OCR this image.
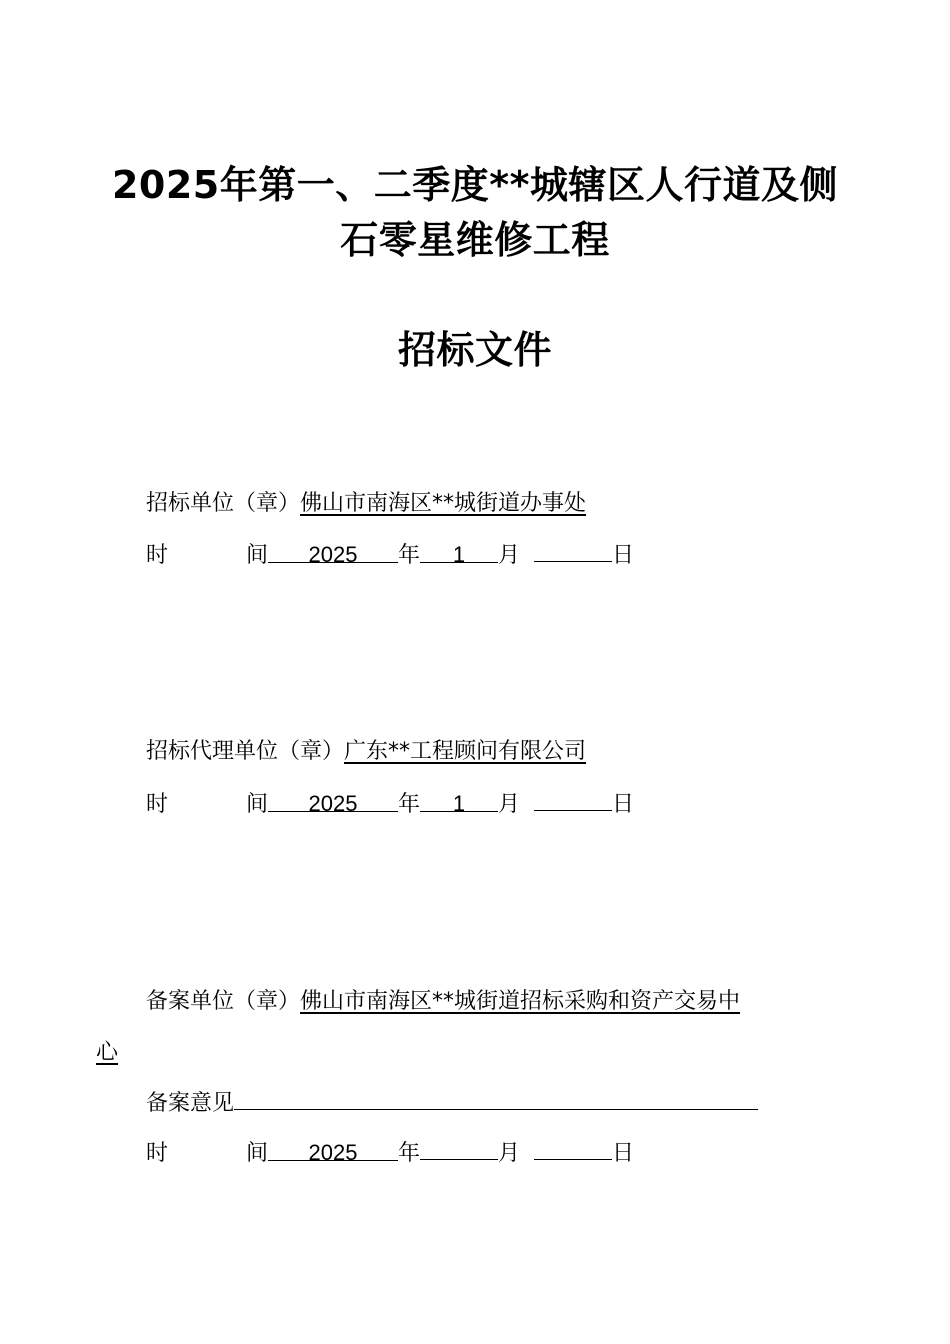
2025年第一、二季度**城辖区人行道及侧
石零星维修工程
招标文件
招标单位（章）佛山市南海区**城街道办事处
时	间 2025 年 1 月	日
招标代理单位（章）广东**工程顾问有限公司
时	间 2025 年 1 月	日
备案单位（章）佛山市南海区**城街道招标采购和资产交易中
心
备案意见
时	间 2025 年	月	日
